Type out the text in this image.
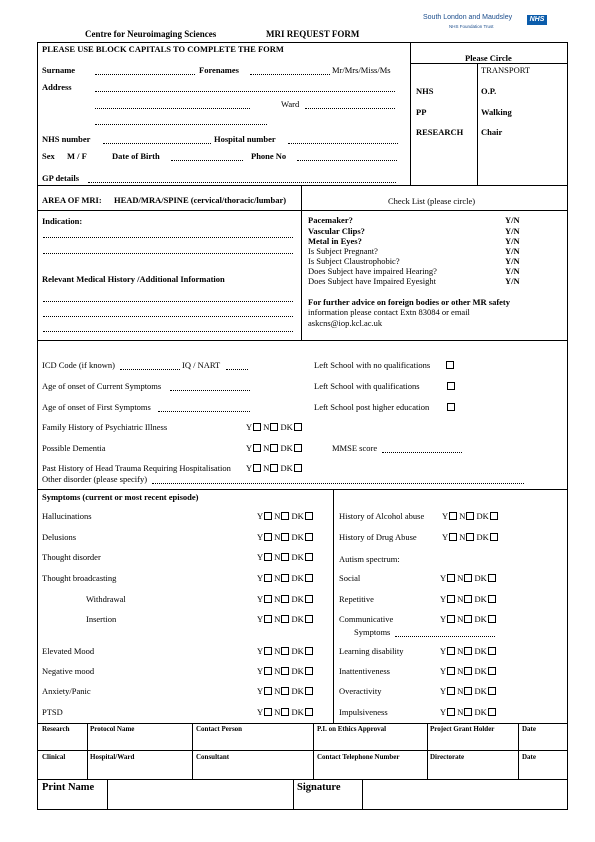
Centre for Neuroimaging Sciences	MRI REQUEST FORM
South London and Maudsley	NHS
NHS Foundation Trust
PLEASE USE BLOCK CAPITALS TO COMPLETE THE FORM
Surname	Forenames	Mr/Mrs/Miss/Ms
Address
Ward
NHS number	Hospital number
Sex M / F	Date of Birth	Phone No
GP details
Please Circle
TRANSPORT
NHS
PP
RESEARCH
O.P.
Walking
Chair
AREA OF MRI: HEAD/MRA/SPINE (cervical/thoracic/lumbar)
Indication:
Relevant Medical History /Additional Information
Check List (please circle)
Pacemaker?	Y/N
Vascular Clips?	Y/N
Metal in Eyes?	Y/N
Is Subject Pregnant?	Y/N
Is Subject Claustrophobic?	Y/N
Does Subject have impaired Hearing?	Y/N
Does Subject have Impaired Eyesight	Y/N
For further advice on foreign bodies or other MR safety
information please contact Extn 83084 or email
askcns@iop.kcl.ac.uk
ICD Code (if known)	IQ / NART
Age of onset of Current Symptoms
Age of onset of First Symptoms
Left School with no qualifications
Left School with qualifications
Left School post higher education
Family History of Psychiatric Illness	Y N DK
Possible Dementia	Y N DK	MMSE score
Past History of Head Trauma Requiring Hospitalisation Y N DK
Other disorder (please specify)
Symptoms (current or most recent episode)
Hallucinations	Y N DK
Delusions	Y N DK
Thought disorder	Y N DK
Thought broadcasting	Y N DK
Withdrawal	Y N DK
Insertion	Y N DK
Elevated Mood	Y N DK
Negative mood	Y N DK
Anxiety/Panic	Y N DK
PTSD	Y N DK
History of Alcohol abuse Y N DK
History of Drug Abuse	Y N DK
Social	Y N DK
Repetitive	Y N DK
Communicative	Y N DK
Learning disability	Y N DK
Inattentiveness	Y N DK
Overactivity	Y N DK
Impulsiveness	Y N DK
Autism spectrum:
Symptoms
Research	Protocol Name	Contact Person	P.I. on Ethics Approval	Project Grant Holder	Date
Clinical	Hospital/Ward	Consultant	Contact Telephone Number	Directorate	Date
Print Name	Signature
